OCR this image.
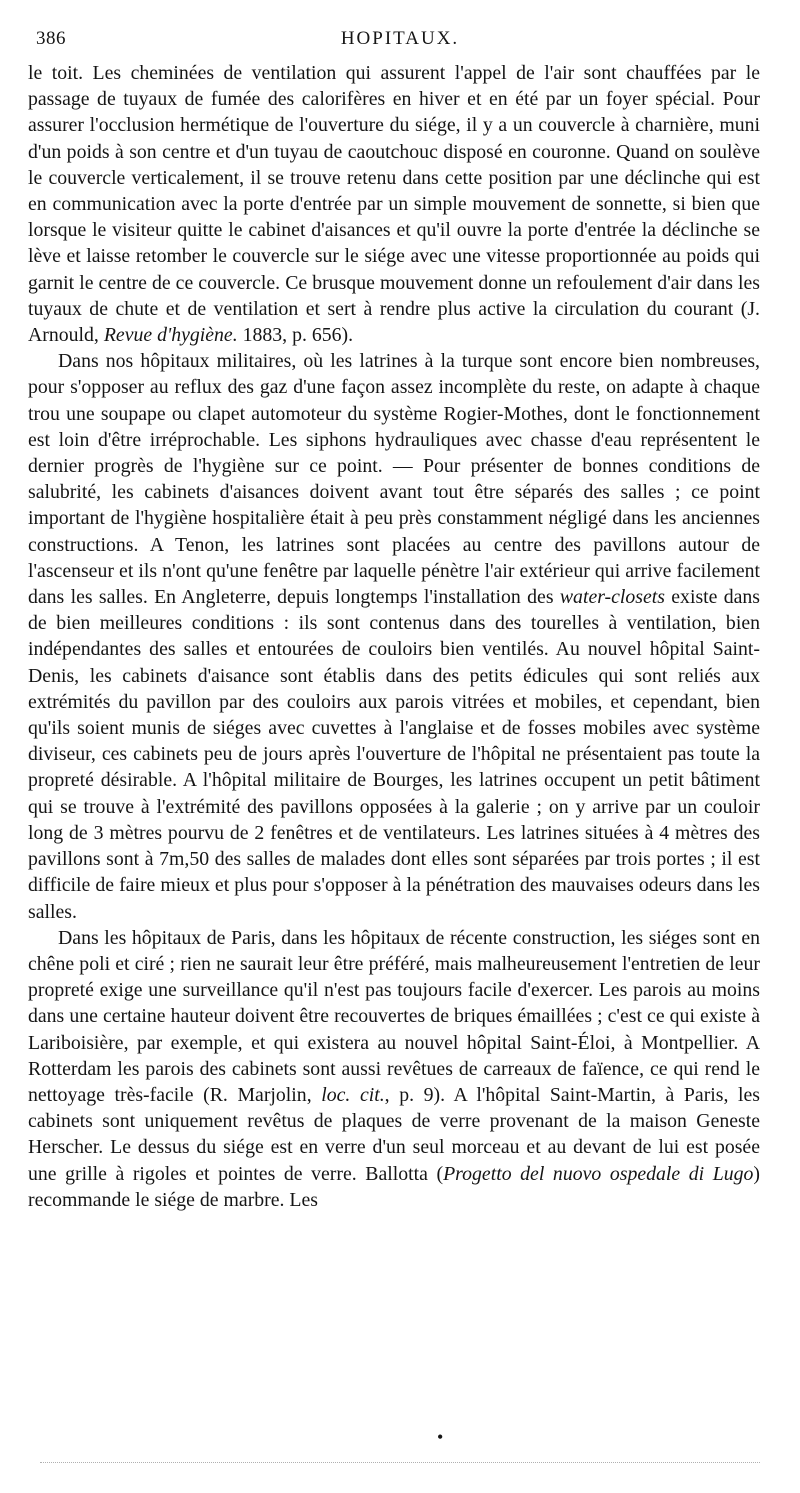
386	HOPITAUX.

le toit. Les cheminées de ventilation qui assurent l'appel de l'air sont chauffées par le passage de tuyaux de fumée des calorifères en hiver et en été par un foyer spécial. Pour assurer l'occlusion hermétique de l'ouverture du siége, il y a un couvercle à charnière, muni d'un poids à son centre et d'un tuyau de caoutchouc disposé en couronne. Quand on soulève le couvercle verticalement, il se trouve retenu dans cette position par une déclinche qui est en communication avec la porte d'entrée par un simple mouvement de sonnette, si bien que lorsque le visiteur quitte le cabinet d'aisances et qu'il ouvre la porte d'entrée la déclinche se lève et laisse retomber le couvercle sur le siége avec une vitesse proportionnée au poids qui garnit le centre de ce couvercle. Ce brusque mouvement donne un refoulement d'air dans les tuyaux de chute et de ventilation et sert à rendre plus active la circulation du courant (J. Arnould, Revue d'hygiène. 1883, p. 656).

Dans nos hôpitaux militaires, où les latrines à la turque sont encore bien nombreuses, pour s'opposer au reflux des gaz d'une façon assez incomplète du reste, on adapte à chaque trou une soupape ou clapet automoteur du système Rogier-Mothes, dont le fonctionnement est loin d'être irréprochable. Les siphons hydrauliques avec chasse d'eau représentent le dernier progrès de l'hygiène sur ce point. — Pour présenter de bonnes conditions de salubrité, les cabinets d'aisances doivent avant tout être séparés des salles ; ce point important de l'hygiène hospitalière était à peu près constamment négligé dans les anciennes constructions. A Tenon, les latrines sont placées au centre des pavillons autour de l'ascenseur et ils n'ont qu'une fenêtre par laquelle pénètre l'air extérieur qui arrive facilement dans les salles. En Angleterre, depuis longtemps l'installation des water-closets existe dans de bien meilleures conditions : ils sont contenus dans des tourelles à ventilation, bien indépendantes des salles et entourées de couloirs bien ventilés. Au nouvel hôpital Saint-Denis, les cabinets d'aisance sont établis dans des petits édicules qui sont reliés aux extrémités du pavillon par des couloirs aux parois vitrées et mobiles, et cependant, bien qu'ils soient munis de siéges avec cuvettes à l'anglaise et de fosses mobiles avec système diviseur, ces cabinets peu de jours après l'ouverture de l'hôpital ne présentaient pas toute la propreté désirable. A l'hôpital militaire de Bourges, les latrines occupent un petit bâtiment qui se trouve à l'extrémité des pavillons opposées à la galerie ; on y arrive par un couloir long de 3 mètres pourvu de 2 fenêtres et de ventilateurs. Les latrines situées à 4 mètres des pavillons sont à 7m,50 des salles de malades dont elles sont séparées par trois portes ; il est difficile de faire mieux et plus pour s'opposer à la pénétration des mauvaises odeurs dans les salles.

Dans les hôpitaux de Paris, dans les hôpitaux de récente construction, les siéges sont en chêne poli et ciré ; rien ne saurait leur être préféré, mais malheureusement l'entretien de leur propreté exige une surveillance qu'il n'est pas toujours facile d'exercer. Les parois au moins dans une certaine hauteur doivent être recouvertes de briques émaillées ; c'est ce qui existe à Lariboisière, par exemple, et qui existera au nouvel hôpital Saint-Éloi, à Montpellier. A Rotterdam les parois des cabinets sont aussi revêtues de carreaux de faïence, ce qui rend le nettoyage très-facile (R. Marjolin, loc. cit., p. 9). A l'hôpital Saint-Martin, à Paris, les cabinets sont uniquement revêtus de plaques de verre provenant de la maison Geneste Herscher. Le dessus du siége est en verre d'un seul morceau et au devant de lui est posée une grille à rigoles et pointes de verre. Ballotta (Progetto del nuovo ospedale di Lugo) recommande le siége de marbre. Les

•
